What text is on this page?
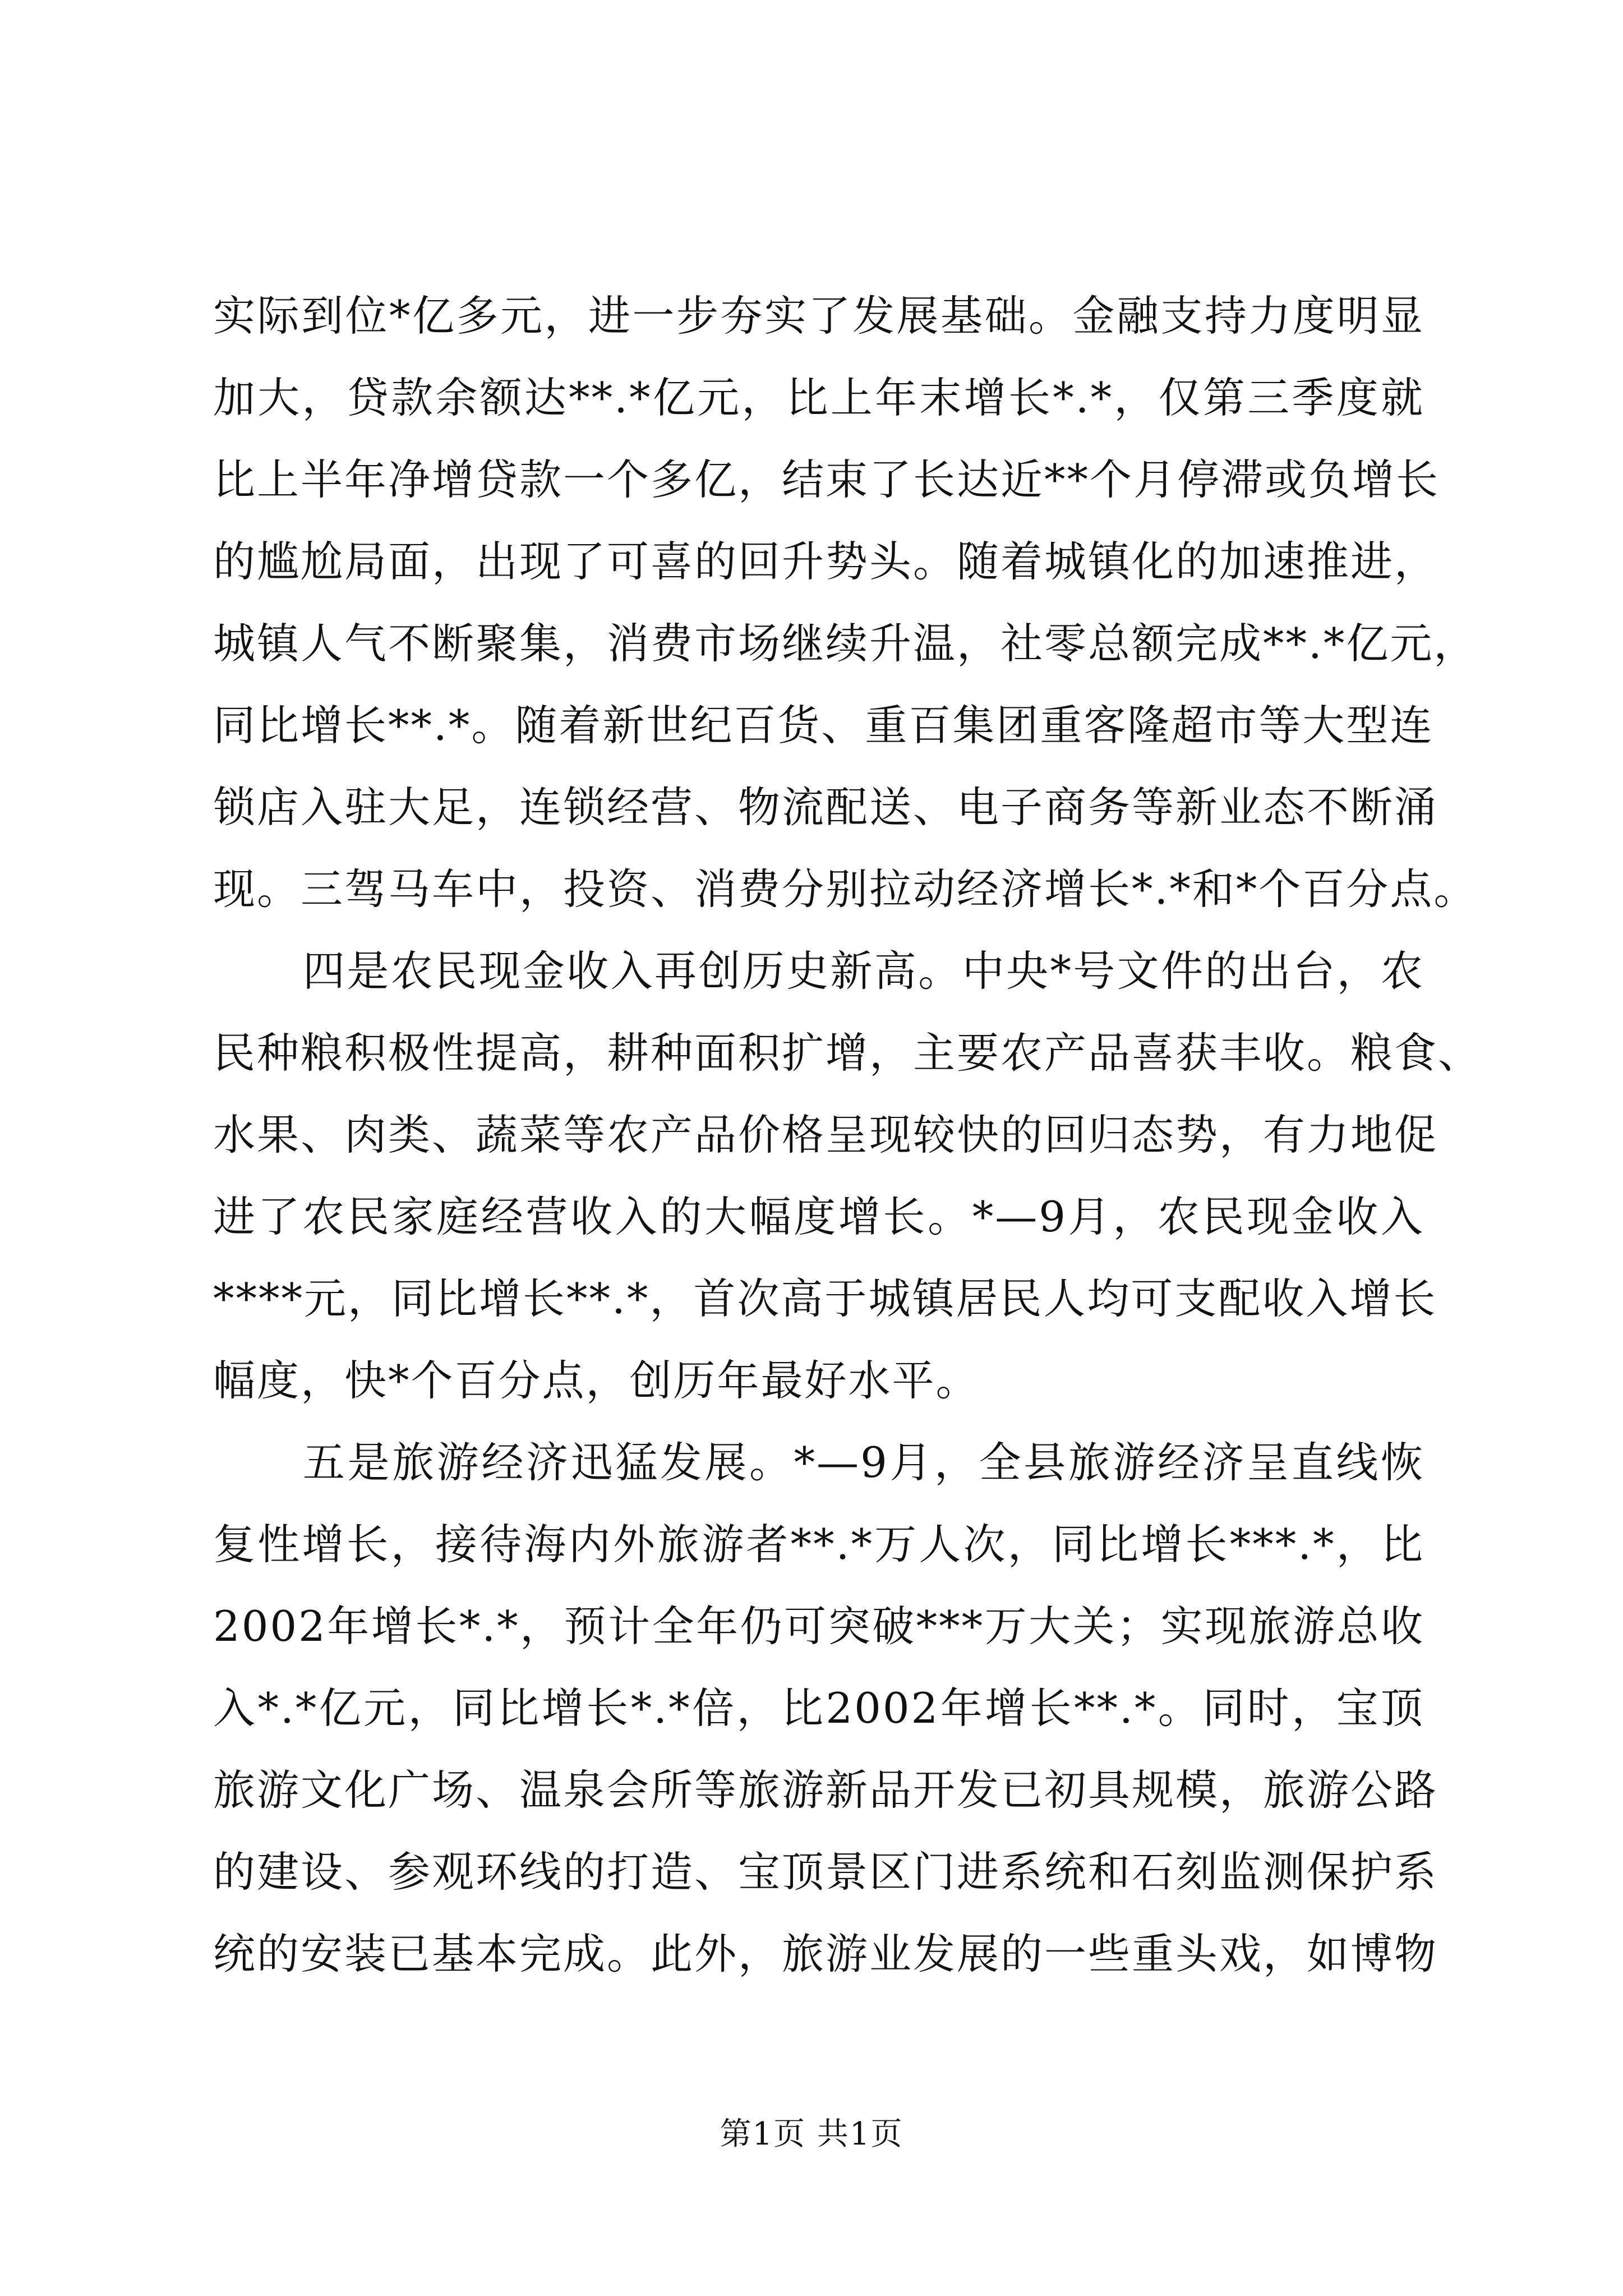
实际到位*亿多元，进一步夯实了发展基础。金融支持力度明显
加大，贷款余额达**.*亿元，比上年末增长*.*，仅第三季度就
比上半年净增贷款一个多亿，结束了长达近**个月停滞或负增长
的尴尬局面，出现了可喜的回升势头。随着城镇化的加速推进，
城镇人气不断聚集，消费市场继续升温，社零总额完成**.*亿元，
同比增长**.*。随着新世纪百货、重百集团重客隆超市等大型连
锁店入驻大足，连锁经营、物流配送、电子商务等新业态不断涌
现。三驾马车中，投资、消费分别拉动经济增长*.*和*个百分点。
四是农民现金收入再创历史新高。中央*号文件的出台，农
民种粮积极性提高，耕种面积扩增，主要农产品喜获丰收。粮食、
水果、肉类、蔬菜等农产品价格呈现较快的回归态势，有力地促
进了农民家庭经营收入的大幅度增长。*—9月，农民现金收入
****元，同比增长**.*，首次高于城镇居民人均可支配收入增长
幅度，快*个百分点，创历年最好水平。
五是旅游经济迅猛发展。*—9月，全县旅游经济呈直线恢
复性增长，接待海内外旅游者**.*万人次，同比增长***.*，比
2002年增长*.*，预计全年仍可突破***万大关；实现旅游总收
入*.*亿元，同比增长*.*倍，比2002年增长**.*。同时，宝顶
旅游文化广场、温泉会所等旅游新品开发已初具规模，旅游公路
的建设、参观环线的打造、宝顶景区门进系统和石刻监测保护系
统的安装已基本完成。此外，旅游业发展的一些重头戏，如博物
第1页 共1页
